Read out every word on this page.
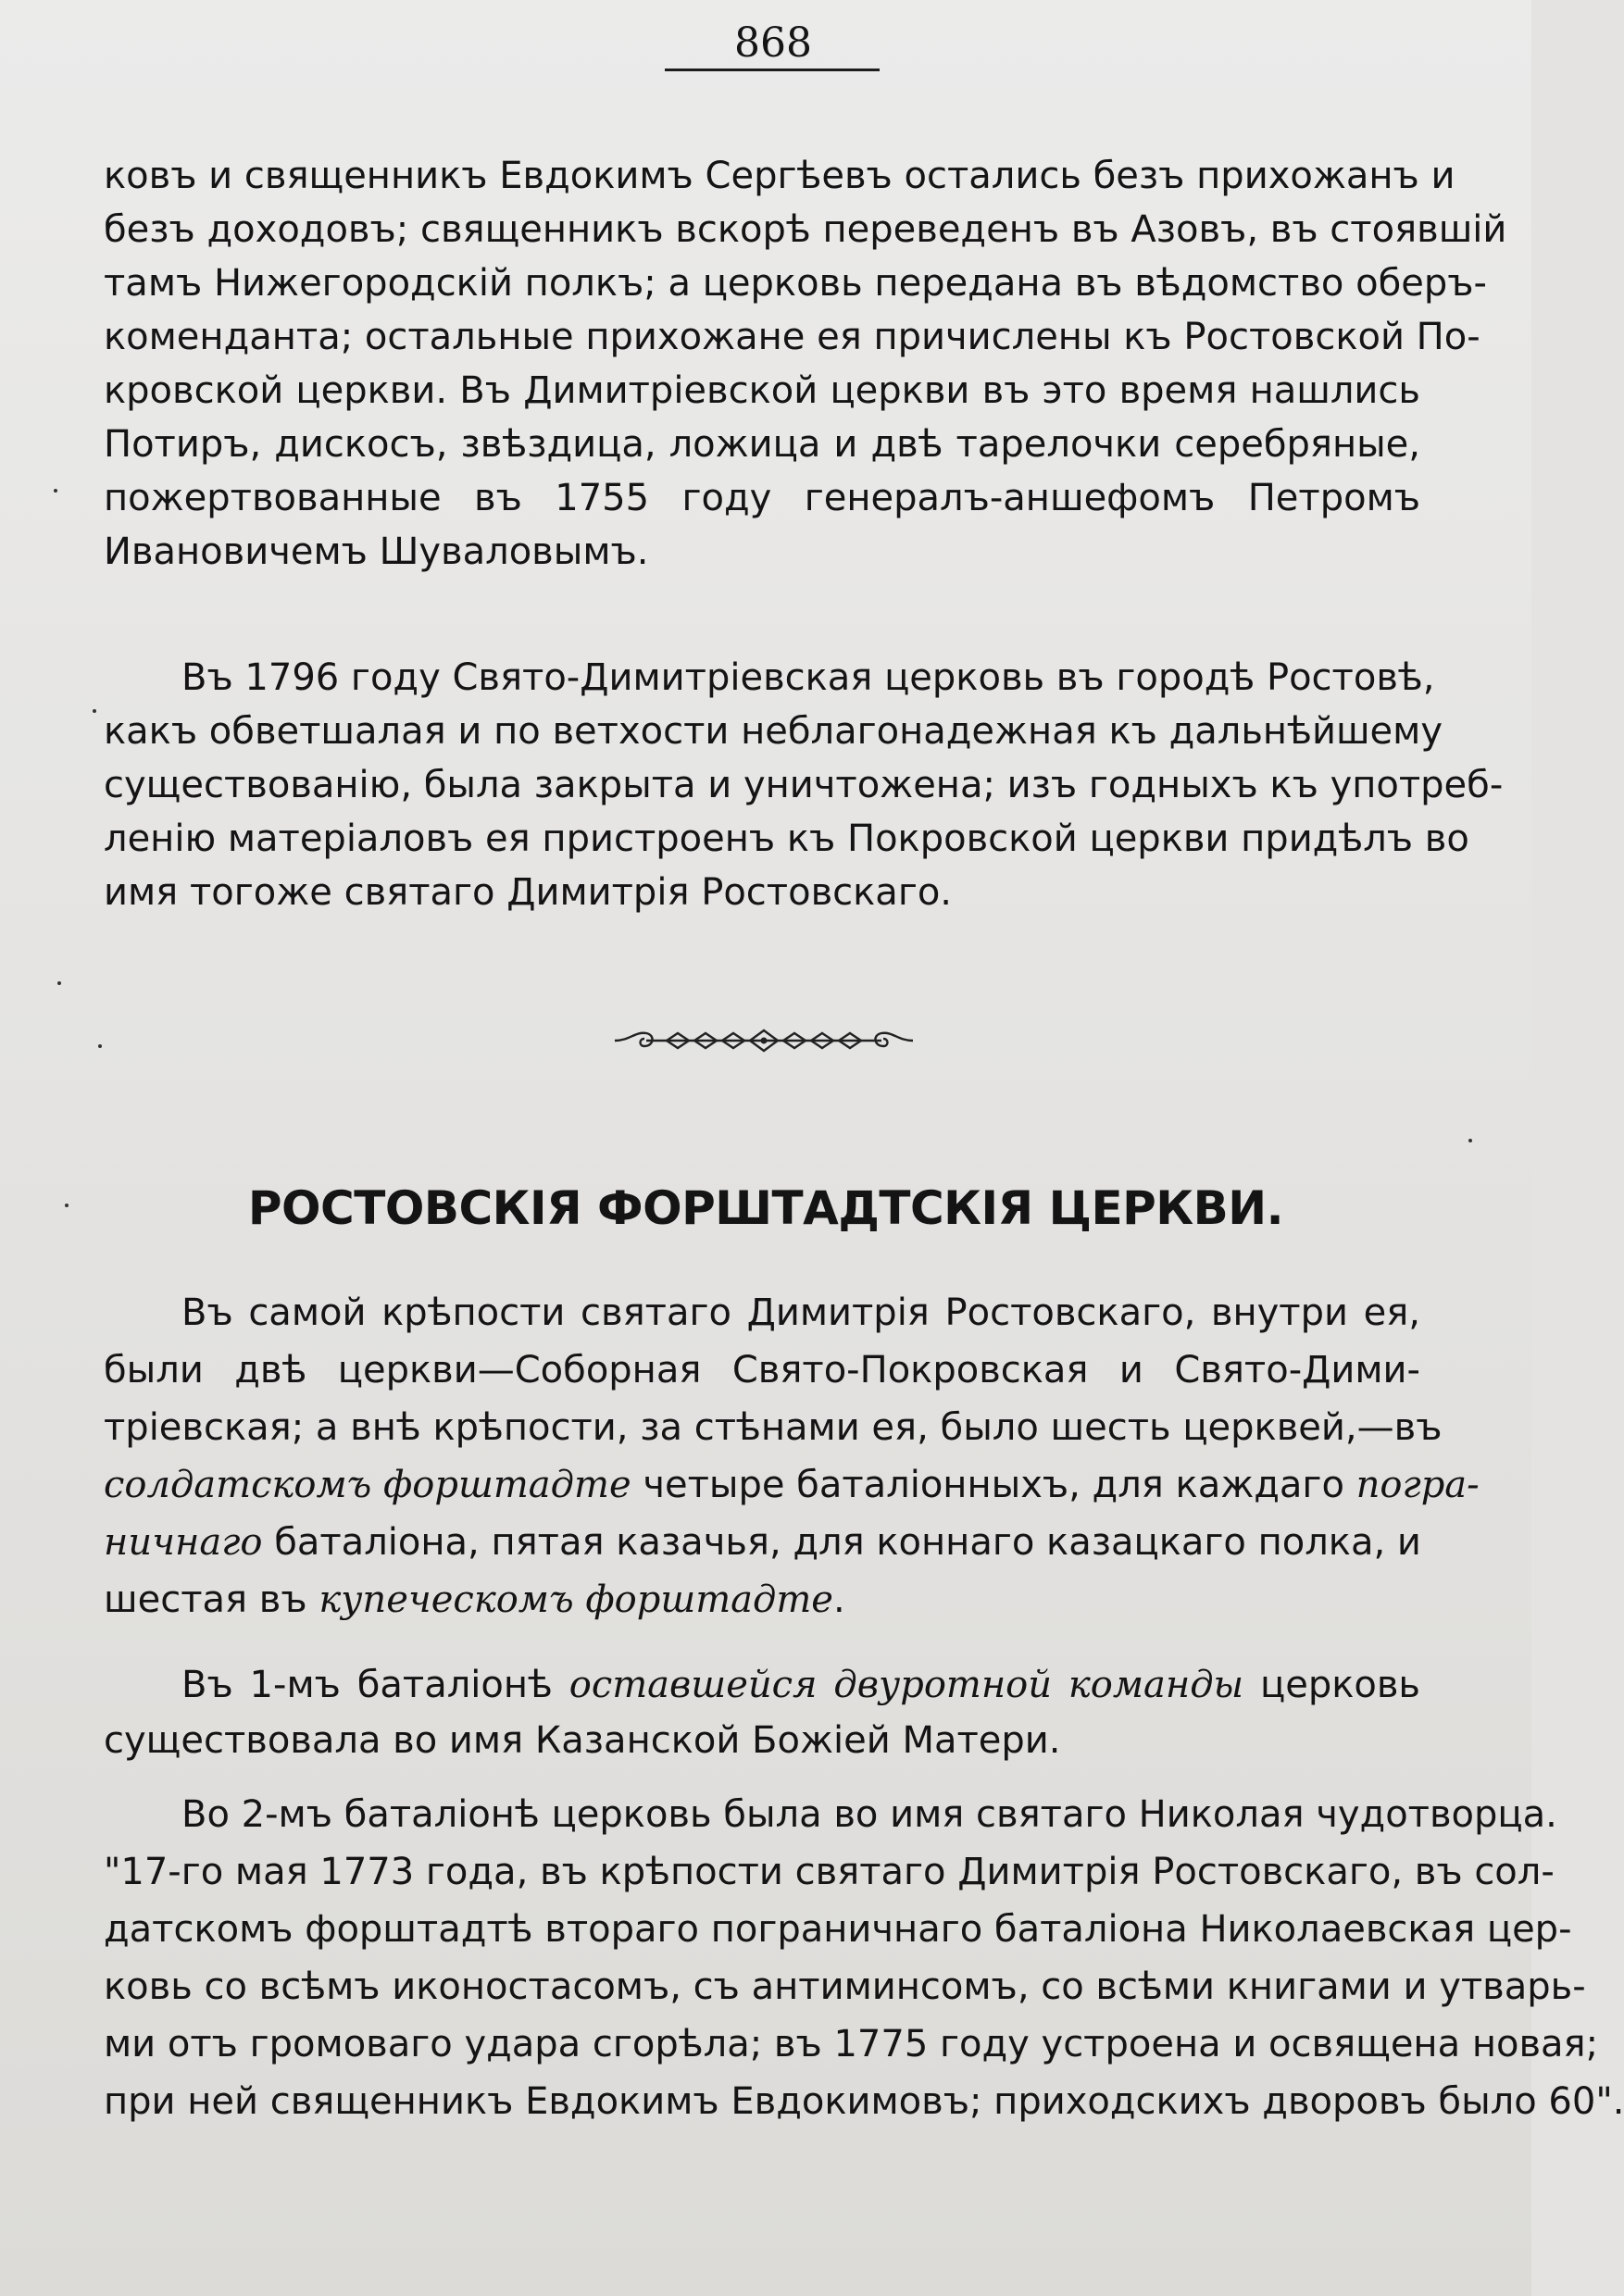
868
ковъ и священникъ Евдокимъ Сергѣевъ остались безъ прихожанъ и
безъ доходовъ; священникъ вскорѣ переведенъ въ Азовъ, въ стоявшій
тамъ Нижегородскій полкъ; а церковь передана въ вѣдомство оберъ-
коменданта; остальные прихожане ея причислены къ Ростовской По-
кровской церкви. Въ Димитріевской церкви въ это время нашлись
Потиръ, дискосъ, звѣздица, ложица и двѣ тарелочки серебряные,
пожертвованные въ 1755 году генералъ-аншефомъ Петромъ
Ивановичемъ Шуваловымъ.
Въ 1796 году Свято-Димитріевская церковь въ городѣ Ростовѣ,
какъ обветшалая и по ветхости неблагонадежная къ дальнѣйшему
существованію, была закрыта и уничтожена; изъ годныхъ къ употреб-
ленію матеріаловъ ея пристроенъ къ Покровской церкви придѣлъ во
имя тогоже святаго Димитрія Ростовскаго.
РОСТОВСКІЯ ФОРШТАДТСКІЯ ЦЕРКВИ.
Въ самой крѣпости святаго Димитрія Ростовскаго, внутри ея,
были двѣ церкви—Соборная Свято-Покровская и Свято-Дими-
тріевская; а внѣ крѣпости, за стѣнами ея, было шесть церквей,—въ
солдатскомъ форштадте четыре баталіонныхъ, для каждаго погра-
ничнаго баталіона, пятая казачья, для коннаго казацкаго полка, и
шестая въ купеческомъ форштадте.
Въ 1-мъ баталіонѣ оставшейся двуротной команды церковь
существовала во имя Казанской Божіей Матери.
Во 2-мъ баталіонѣ церковь была во имя святаго Николая чудотворца.
"17-го мая 1773 года, въ крѣпости святаго Димитрія Ростовскаго, въ сол-
датскомъ форштадтѣ втораго пограничнаго баталіона Николаевская цер-
ковь со всѣмъ иконостасомъ, съ антиминсомъ, со всѣми книгами и утварь-
ми отъ громоваго удара сгорѣла; въ 1775 году устроена и освящена новая;
при ней священникъ Евдокимъ Евдокимовъ; приходскихъ дворовъ было 60".
